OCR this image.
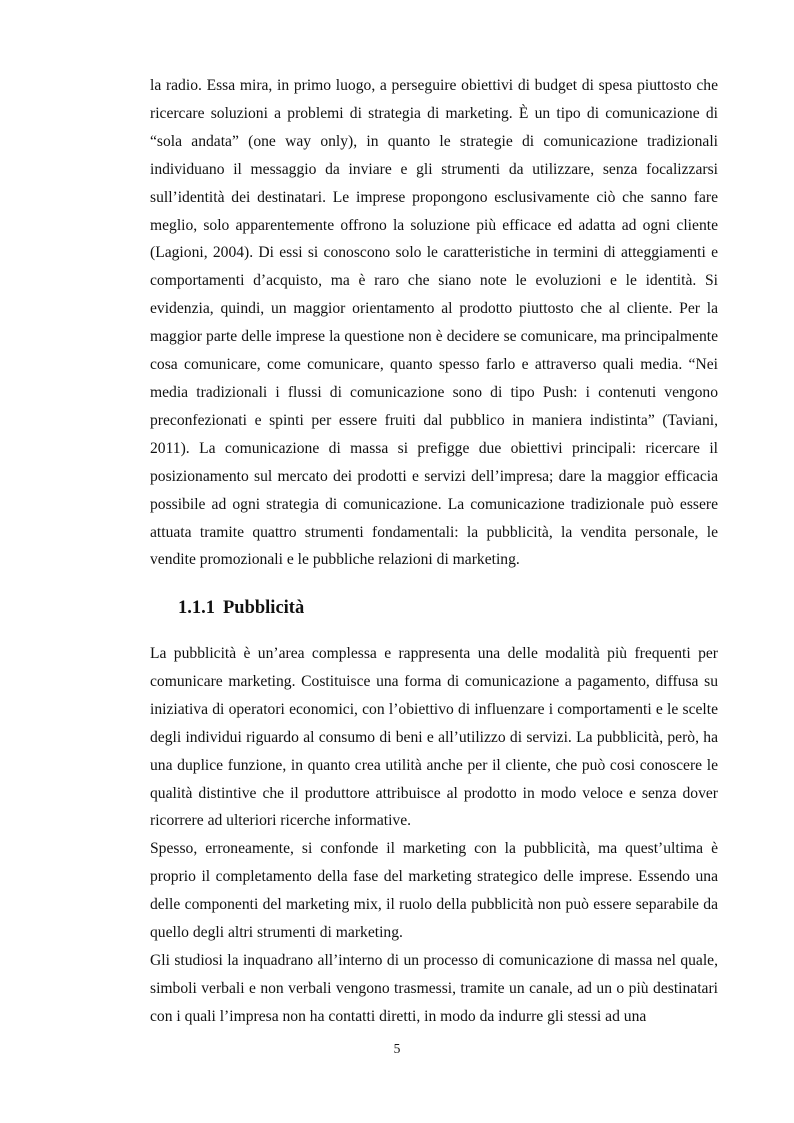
la radio. Essa mira, in primo luogo, a perseguire obiettivi di budget di spesa piuttosto che ricercare soluzioni a problemi di strategia di marketing. È un tipo di comunicazione di “sola andata” (one way only), in quanto le strategie di comunicazione tradizionali individuano il messaggio da inviare e gli strumenti da utilizzare, senza focalizzarsi sull’identità dei destinatari. Le imprese propongono esclusivamente ciò che sanno fare meglio, solo apparentemente offrono la soluzione più efficace ed adatta ad ogni cliente (Lagioni, 2004). Di essi si conoscono solo le caratteristiche in termini di atteggiamenti e comportamenti d’acquisto, ma è raro che siano note le evoluzioni e le identità. Si evidenzia, quindi, un maggior orientamento al prodotto piuttosto che al cliente. Per la maggior parte delle imprese la questione non è decidere se comunicare, ma principalmente cosa comunicare, come comunicare, quanto spesso farlo e attraverso quali media. “Nei media tradizionali i flussi di comunicazione sono di tipo Push: i contenuti vengono preconfezionati e spinti per essere fruiti dal pubblico in maniera indistinta” (Taviani, 2011). La comunicazione di massa si prefigge due obiettivi principali: ricercare il posizionamento sul mercato dei prodotti e servizi dell’impresa; dare la maggior efficacia possibile ad ogni strategia di comunicazione. La comunicazione tradizionale può essere attuata tramite quattro strumenti fondamentali: la pubblicità, la vendita personale, le vendite promozionali e le pubbliche relazioni di marketing.

1.1.1 Pubblicità
La pubblicità è un’area complessa e rappresenta una delle modalità più frequenti per comunicare marketing. Costituisce una forma di comunicazione a pagamento, diffusa su iniziativa di operatori economici, con l’obiettivo di influenzare i comportamenti e le scelte degli individui riguardo al consumo di beni e all’utilizzo di servizi. La pubblicità, però, ha una duplice funzione, in quanto crea utilità anche per il cliente, che può cosi conoscere le qualità distintive che il produttore attribuisce al prodotto in modo veloce e senza dover ricorrere ad ulteriori ricerche informative.
Spesso, erroneamente, si confonde il marketing con la pubblicità, ma quest’ultima è proprio il completamento della fase del marketing strategico delle imprese. Essendo una delle componenti del marketing mix, il ruolo della pubblicità non può essere separabile da quello degli altri strumenti di marketing.
Gli studiosi la inquadrano all’interno di un processo di comunicazione di massa nel quale, simboli verbali e non verbali vengono trasmessi, tramite un canale, ad un o più destinatari con i quali l’impresa non ha contatti diretti, in modo da indurre gli stessi ad una
5
